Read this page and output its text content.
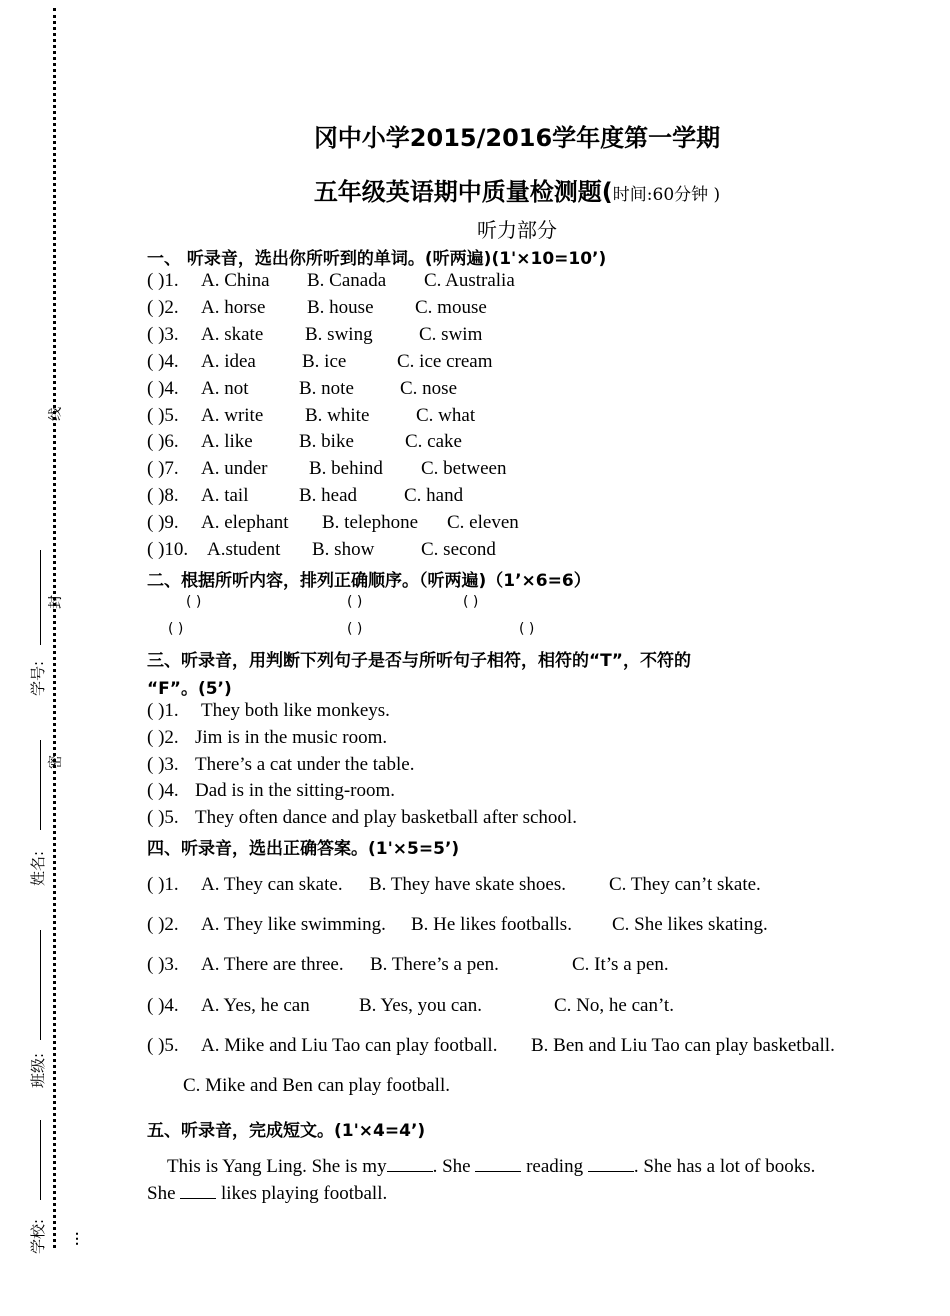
⋮
学校:
班级:
姓名:
学号:
线
封
密
冈中小学2015/2016学年度第一学期
五年级英语期中质量检测题(时间:60分钟 )
听力部分
一、 听录音，选出你所听到的单词。(听两遍)(1'×10=10’)
( )1. A. China B. Canada C. Australia
( )2. A. horse B. house C. mouse
( )3. A. skate B. swing C. swim
( )4. A. idea B. ice	C. ice cream
( )4. A. not	B. note C. nose
( )5. A. write B. white C. what
( )6. A. like B. bike	C. cake
( )7. A. under B. behind C. between
( )8. A. tail	B. head C. hand
( )9. A. elephant B. telephone C. eleven
( )10. A.student B. show C. second
二、根据所听内容，排列正确顺序。（听两遍)（1’×6=6）
( )	( )	( )
( )	( )	( )
三、听录音，用判断下列句子是否与所听句子相符，相符的“T”，不符的
“F”。(5’)
( )1. They both like monkeys.
( )2. Jim is in the music room.
( )3. There’s a cat under the table.
( )4. Dad is in the sitting-room.
( )5. They often dance and play basketball after school.
四、听录音，选出正确答案。(1'×5=5’)
( )1. A. They can skate. B. They have skate shoes. C. They can’t skate.
( )2. A. They like swimming. B. He likes footballs. C. She likes skating.
( )3. A. There are three. B. There’s a pen.	C. It’s a pen.
( )4. A. Yes, he can	B. Yes, you can.	C. No, he can’t.
( )5. A. Mike and Liu Tao can play football. B. Ben and Liu Tao can play basketball.
C. Mike and Ben can play football.
五、听录音，完成短文。(1'×4=4’)
This is Yang Ling. She is my . She  reading . She has a lot of books.
She  likes playing football.
